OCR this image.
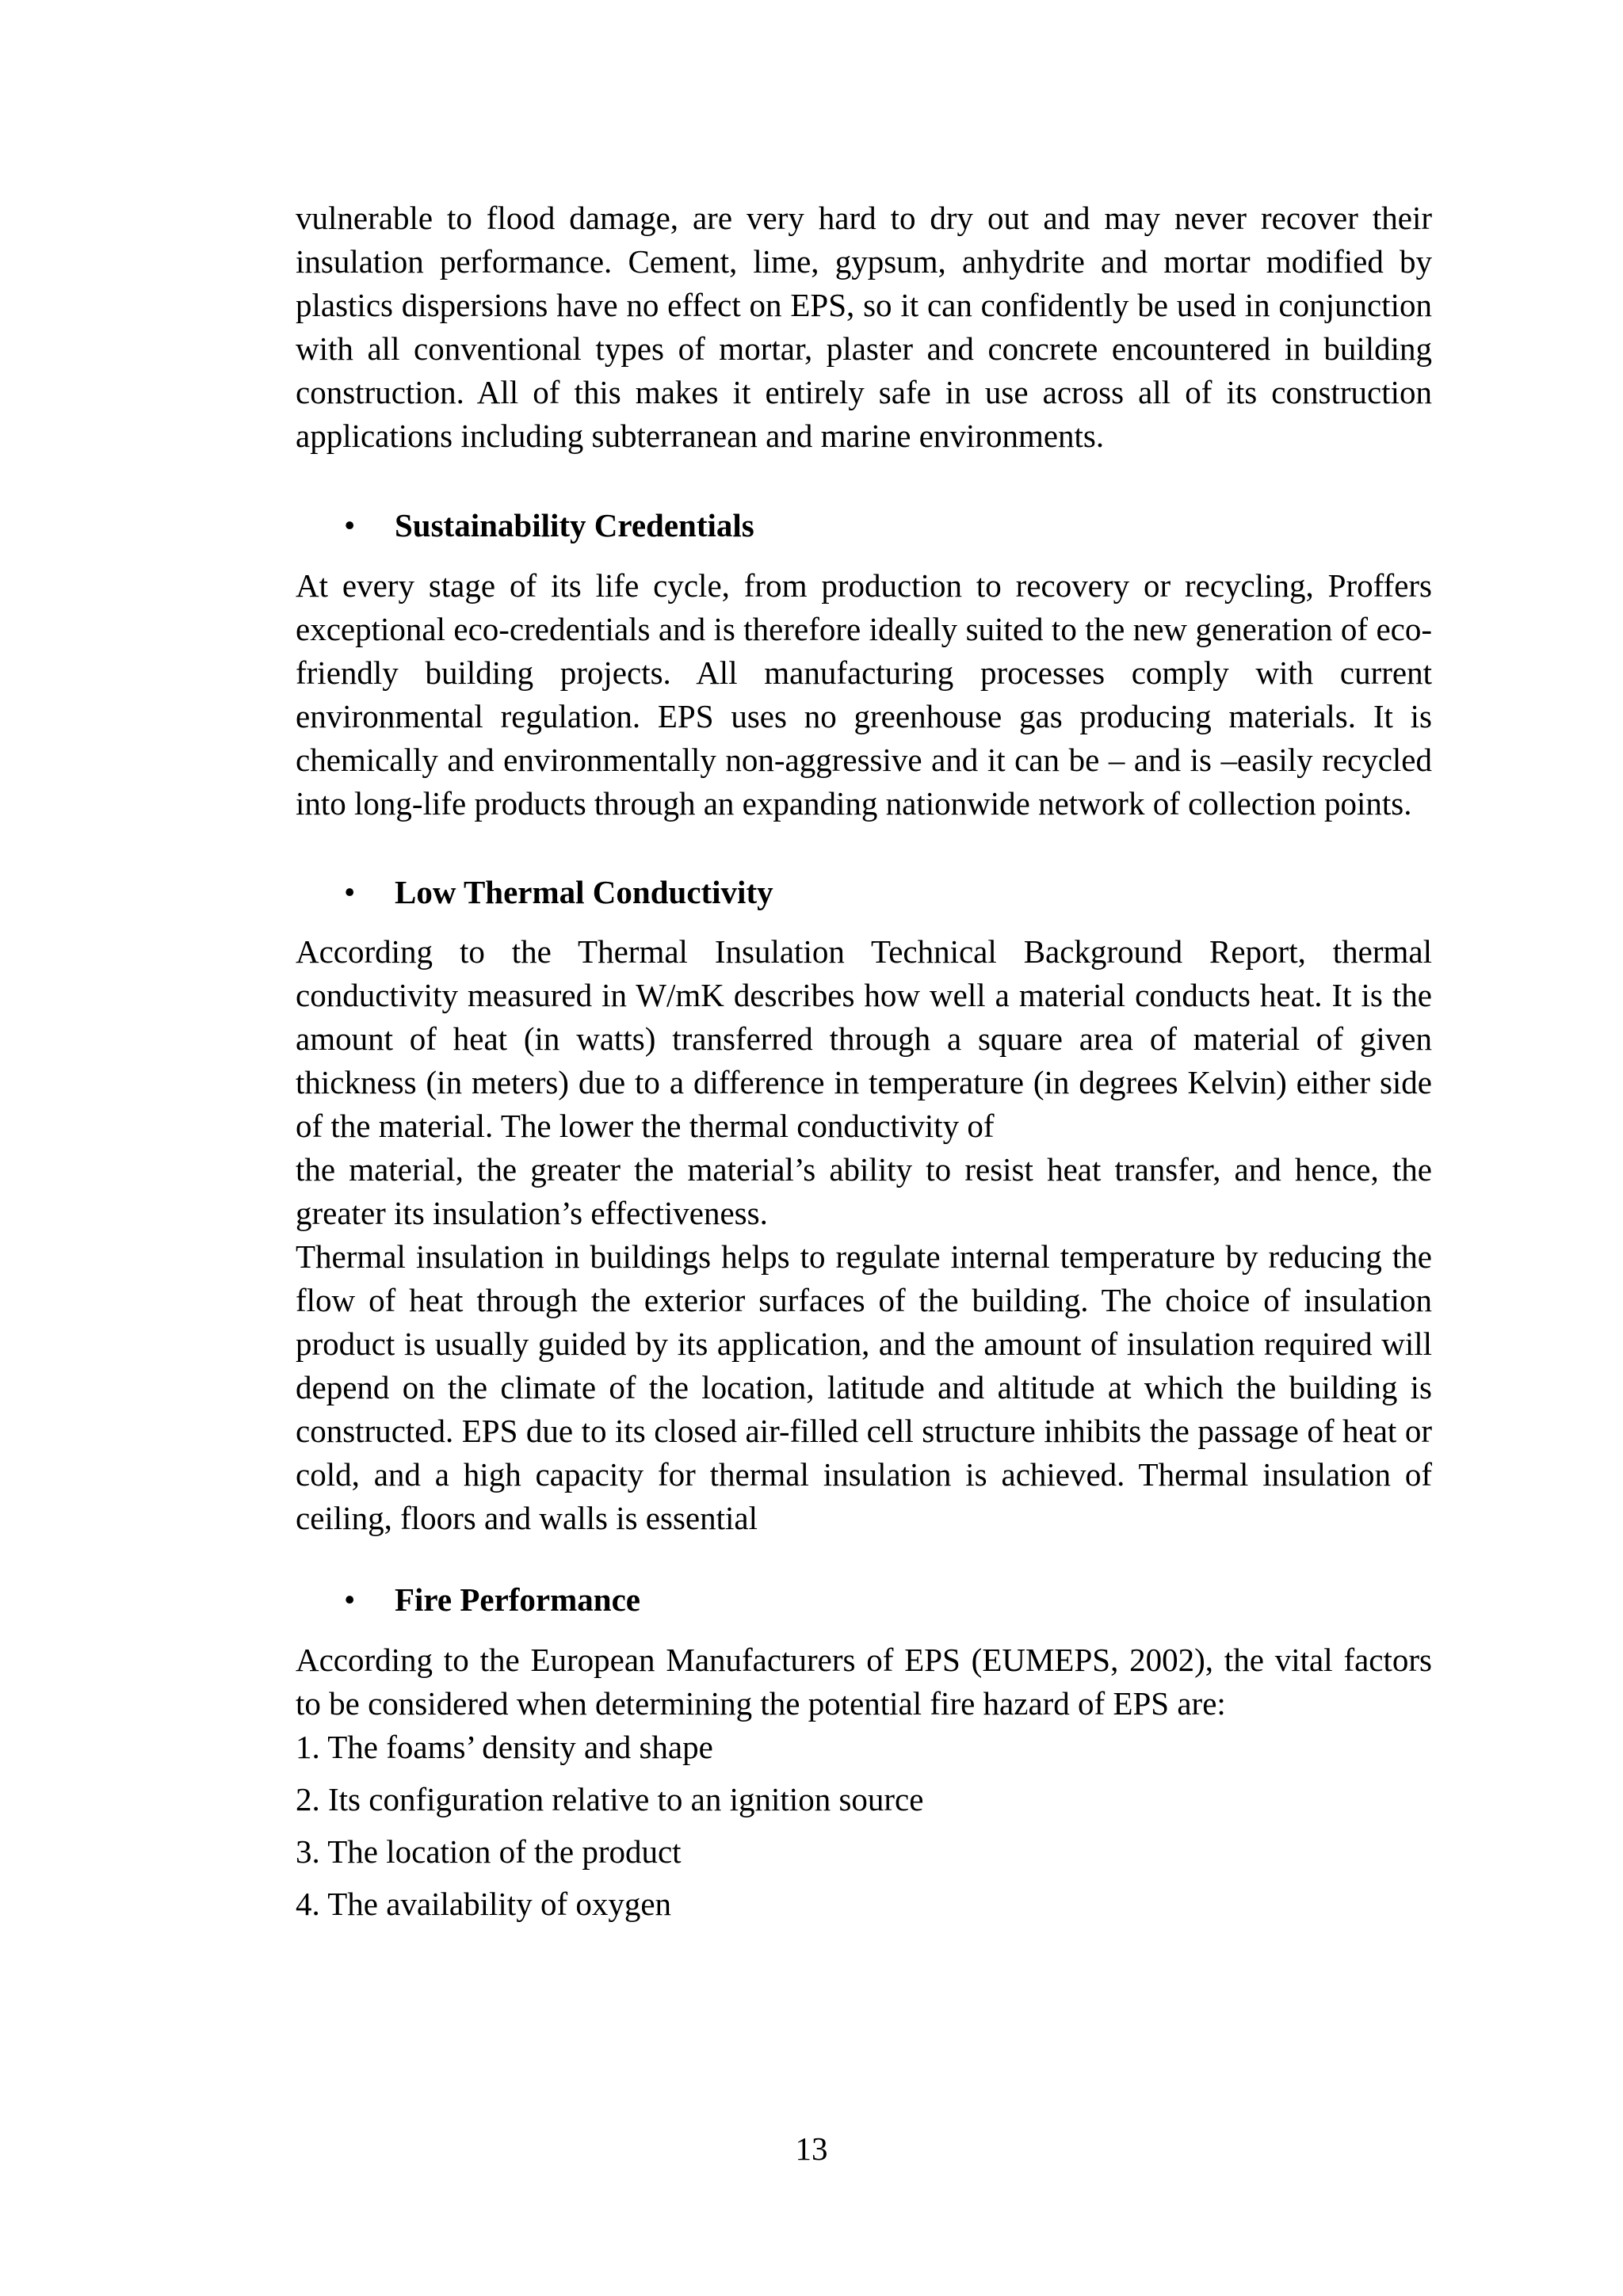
vulnerable to flood damage, are very hard to dry out and may never recover their insulation performance. Cement, lime, gypsum, anhydrite and mortar modified by plastics dispersions have no effect on EPS, so it can confidently be used in conjunction with all conventional types of mortar, plaster and concrete encountered in building construction. All of this makes it entirely safe in use across all of its construction applications including subterranean and marine environments.

• Sustainability Credentials

At every stage of its life cycle, from production to recovery or recycling, Proffers exceptional eco-credentials and is therefore ideally suited to the new generation of eco-friendly building projects. All manufacturing processes comply with current environmental regulation. EPS uses no greenhouse gas producing materials. It is chemically and environmentally non-aggressive and it can be – and is –easily recycled into long-life products through an expanding nationwide network of collection points.

• Low Thermal Conductivity

According to the Thermal Insulation Technical Background Report, thermal conductivity measured in W/mK describes how well a material conducts heat. It is the amount of heat (in watts) transferred through a square area of material of given thickness (in meters) due to a difference in temperature (in degrees Kelvin) either side of the material. The lower the thermal conductivity of

the material, the greater the material’s ability to resist heat transfer, and hence, the greater its insulation’s effectiveness.

Thermal insulation in buildings helps to regulate internal temperature by reducing the flow of heat through the exterior surfaces of the building. The choice of insulation product is usually guided by its application, and the amount of insulation required will depend on the climate of the location, latitude and altitude at which the building is constructed. EPS due to its closed air-filled cell structure inhibits the passage of heat or cold, and a high capacity for thermal insulation is achieved. Thermal insulation of ceiling, floors and walls is essential

• Fire Performance

According to the European Manufacturers of EPS (EUMEPS, 2002), the vital factors to be considered when determining the potential fire hazard of EPS are:

1. The foams’ density and shape
2. Its configuration relative to an ignition source
3. The location of the product
4. The availability of oxygen
13
